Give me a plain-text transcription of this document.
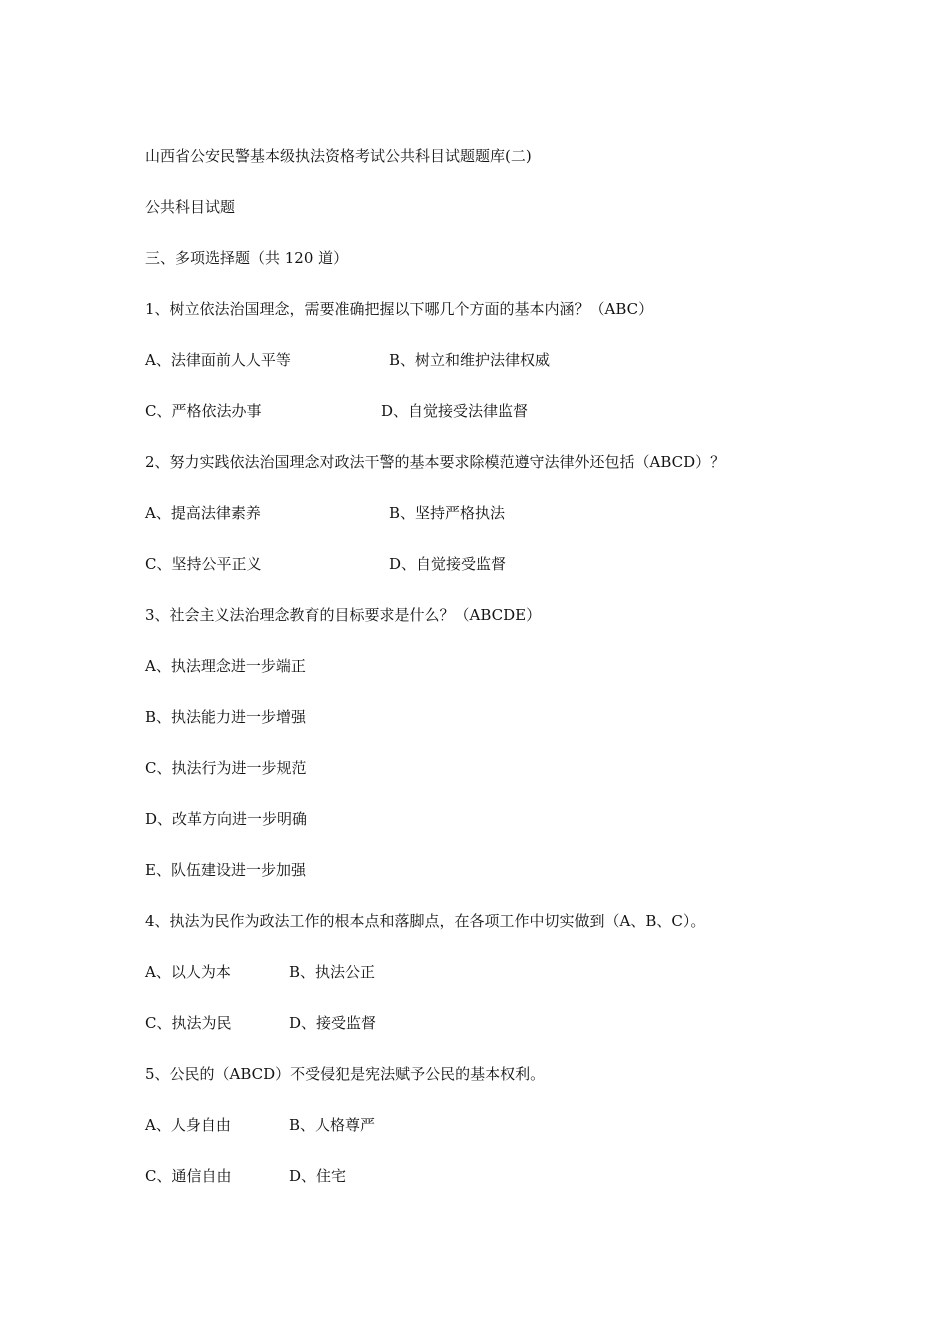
山西省公安民警基本级执法资格考试公共科目试题题库(二)
公共科目试题
三、多项选择题（共 120 道）
1、树立依法治国理念，需要准确把握以下哪几个方面的基本内涵？（ABC）
A、法律面前人人平等	B、树立和维护法律权威
C、严格依法办事	D、自觉接受法律监督
2、努力实践依法治国理念对政法干警的基本要求除模范遵守法律外还包括（ABCD）？
A、提高法律素养	B、坚持严格执法
C、坚持公平正义	D、自觉接受监督
3、社会主义法治理念教育的目标要求是什么？（ABCDE）
A、执法理念进一步端正
B、执法能力进一步增强
C、执法行为进一步规范
D、改革方向进一步明确
E、队伍建设进一步加强
4、执法为民作为政法工作的根本点和落脚点，在各项工作中切实做到（A、B、C）。
A、以人为本	B、执法公正
C、执法为民	D、接受监督
5、公民的（ABCD）不受侵犯是宪法赋予公民的基本权利。
A、人身自由	B、人格尊严
C、通信自由	D、住宅
